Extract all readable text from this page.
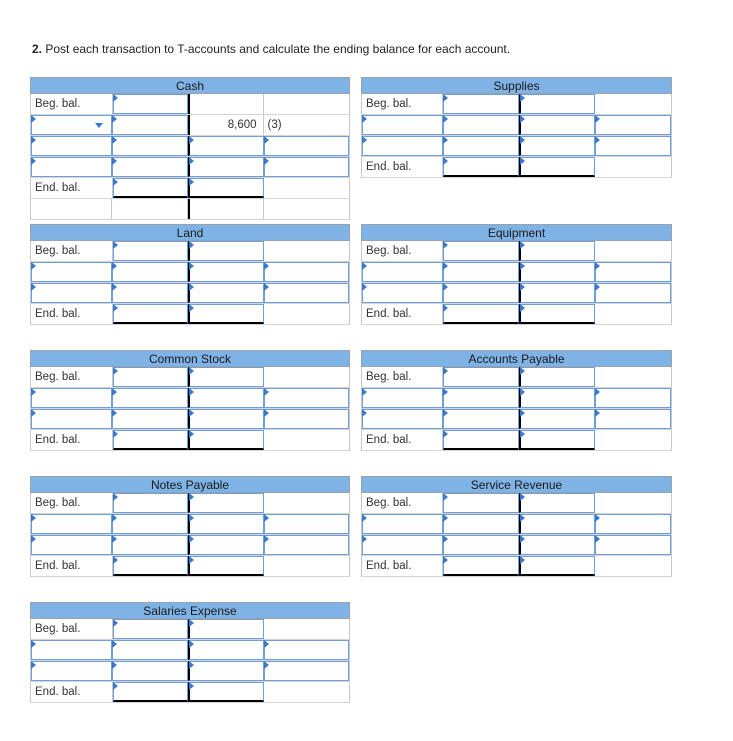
2. Post each transaction to T-accounts and calculate the ending balance for each account.
Cash
Beg. bal.
8,600 (3)
End. bal.
Supplies
Beg. bal.
End. bal.
Land
Beg. bal.
End. bal.
Equipment
Beg. bal.
End. bal.
Common Stock
Beg. bal.
End. bal.
Accounts Payable
Beg. bal.
End. bal.
Notes Payable
Beg. bal.
End. bal.
Service Revenue
Beg. bal.
End. bal.
Salaries Expense
Beg. bal.
End. bal.
